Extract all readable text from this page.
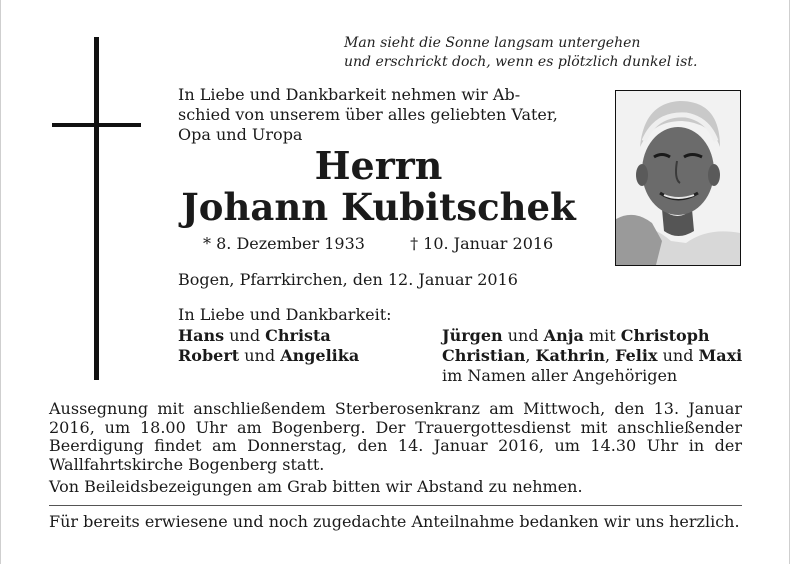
Man sieht die Sonne langsam untergehen
und erschrickt doch, wenn es plötzlich dunkel ist.
In Liebe und Dankbarkeit nehmen wir Ab-
schied von unserem über alles geliebten Vater,
Opa und Uropa
Herrn
Johann Kubitschek
* 8. Dezember 1933	† 10. Januar 2016
Bogen, Pfarrkirchen, den 12. Januar 2016
In Liebe und Dankbarkeit:
Hans und Christa
Robert und Angelika
Jürgen und Anja mit Christoph
Christian, Kathrin, Felix und Maxi
im Namen aller Angehörigen

Aussegnung mit anschließendem Sterberosenkranz am Mittwoch, den 13. Januar 2016, um 18.00 Uhr am Bogenberg. Der Trauergottesdienst mit anschließender Beerdigung findet am Donnerstag, den 14. Januar 2016, um 14.30 Uhr in der Wallfahrtskirche Bogenberg statt.

Von Beileidsbezeigungen am Grab bitten wir Abstand zu nehmen.

Für bereits erwiesene und noch zugedachte Anteilnahme bedanken wir uns herzlich.
